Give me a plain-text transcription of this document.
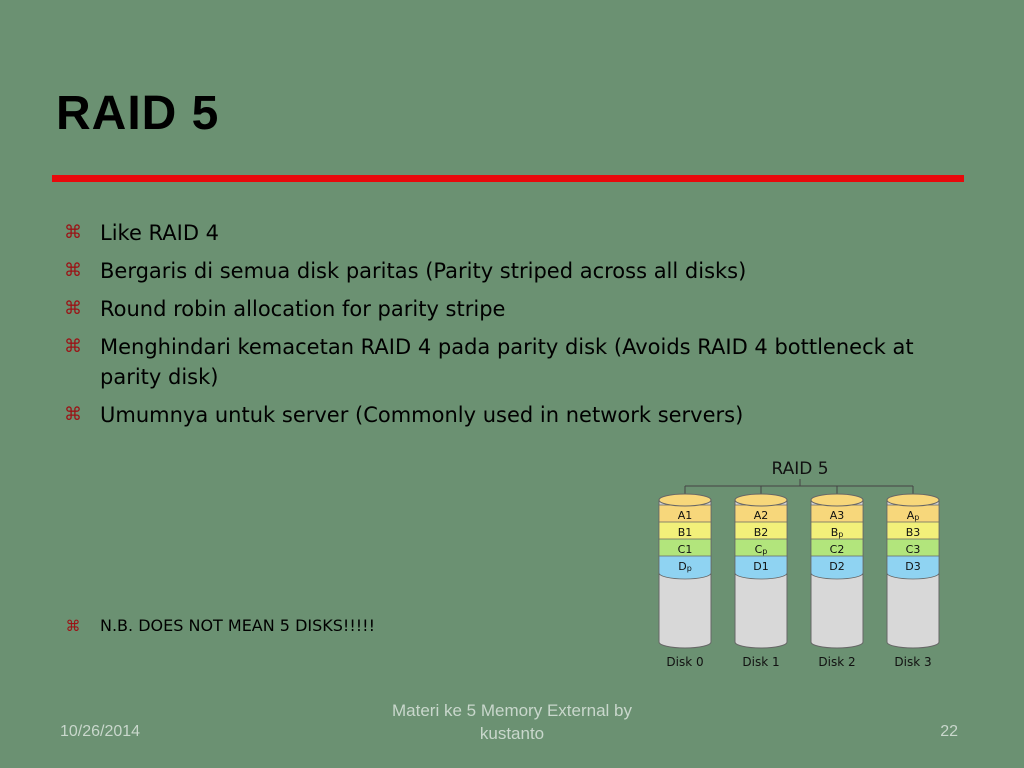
RAID 5
⌘ Like RAID 4
⌘ Bergaris di semua disk paritas (Parity striped across all disks)
⌘ Round robin allocation for parity stripe
⌘ Menghindari kemacetan RAID 4 pada parity disk (Avoids RAID 4 bottleneck at parity disk)
⌘ Umumnya untuk server (Commonly used in network servers)
RAID 5
A1
B1
C1
Dp
Disk 0
A2
B2
Cp
D1
Disk 1
A3
Bp
C2
D2
Disk 2
Ap
B3
C3
D3
Disk 3
⌘ N.B. DOES NOT MEAN 5 DISKS!!!!!
10/26/2014
Materi ke 5 Memory External by
kustanto	22
